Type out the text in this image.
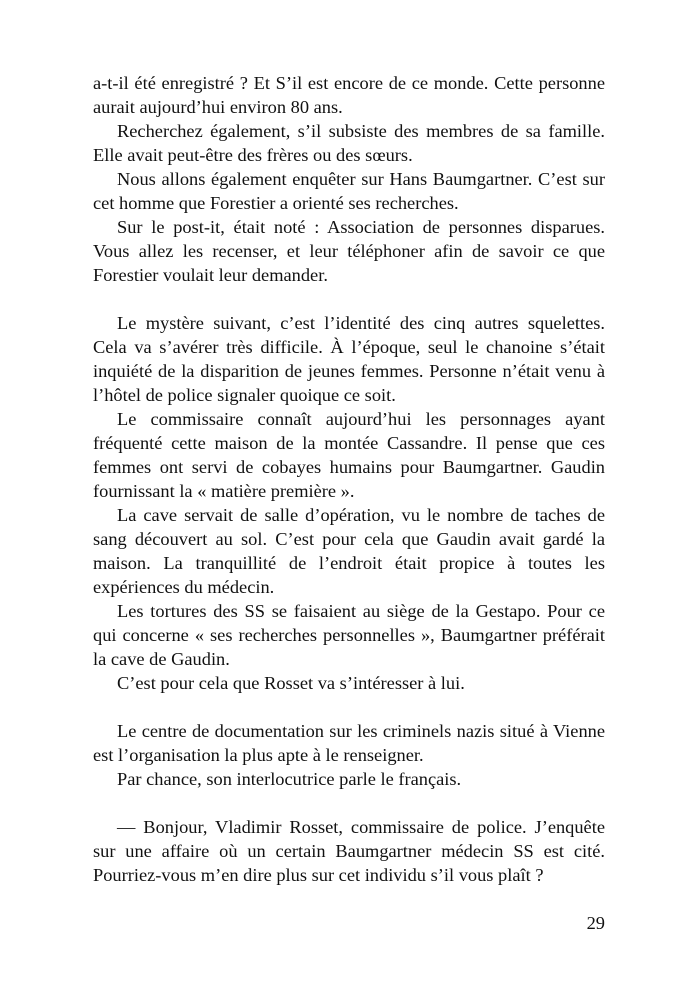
a-t-il été enregistré ? Et S’il est encore de ce monde. Cette personne aurait aujourd’hui environ 80 ans.

Recherchez également, s’il subsiste des membres de sa famille. Elle avait peut-être des frères ou des sœurs.

Nous allons également enquêter sur Hans Baumgartner. C’est sur cet homme que Forestier a orienté ses recherches.

Sur le post-it, était noté : Association de personnes disparues. Vous allez les recenser, et leur téléphoner afin de savoir ce que Forestier voulait leur demander.

Le mystère suivant, c’est l’identité des cinq autres squelettes. Cela va s’avérer très difficile. À l’époque, seul le chanoine s’était inquiété de la disparition de jeunes femmes. Personne n’était venu à l’hôtel de police signaler quoique ce soit.

Le commissaire connaît aujourd’hui les personnages ayant fréquenté cette maison de la montée Cassandre. Il pense que ces femmes ont servi de cobayes humains pour Baumgartner. Gaudin fournissant la « matière première ».

La cave servait de salle d’opération, vu le nombre de taches de sang découvert au sol. C’est pour cela que Gaudin avait gardé la maison. La tranquillité de l’endroit était propice à toutes les expériences du médecin.

Les tortures des SS se faisaient au siège de la Gestapo. Pour ce qui concerne « ses recherches personnelles », Baumgartner préférait la cave de Gaudin.

C’est pour cela que Rosset va s’intéresser à lui.

Le centre de documentation sur les criminels nazis situé à Vienne est l’organisation la plus apte à le renseigner.

Par chance, son interlocutrice parle le français.

— Bonjour, Vladimir Rosset, commissaire de police. J’enquête sur une affaire où un certain Baumgartner médecin SS est cité. Pourriez-vous m’en dire plus sur cet individu s’il vous plaît ?

29
